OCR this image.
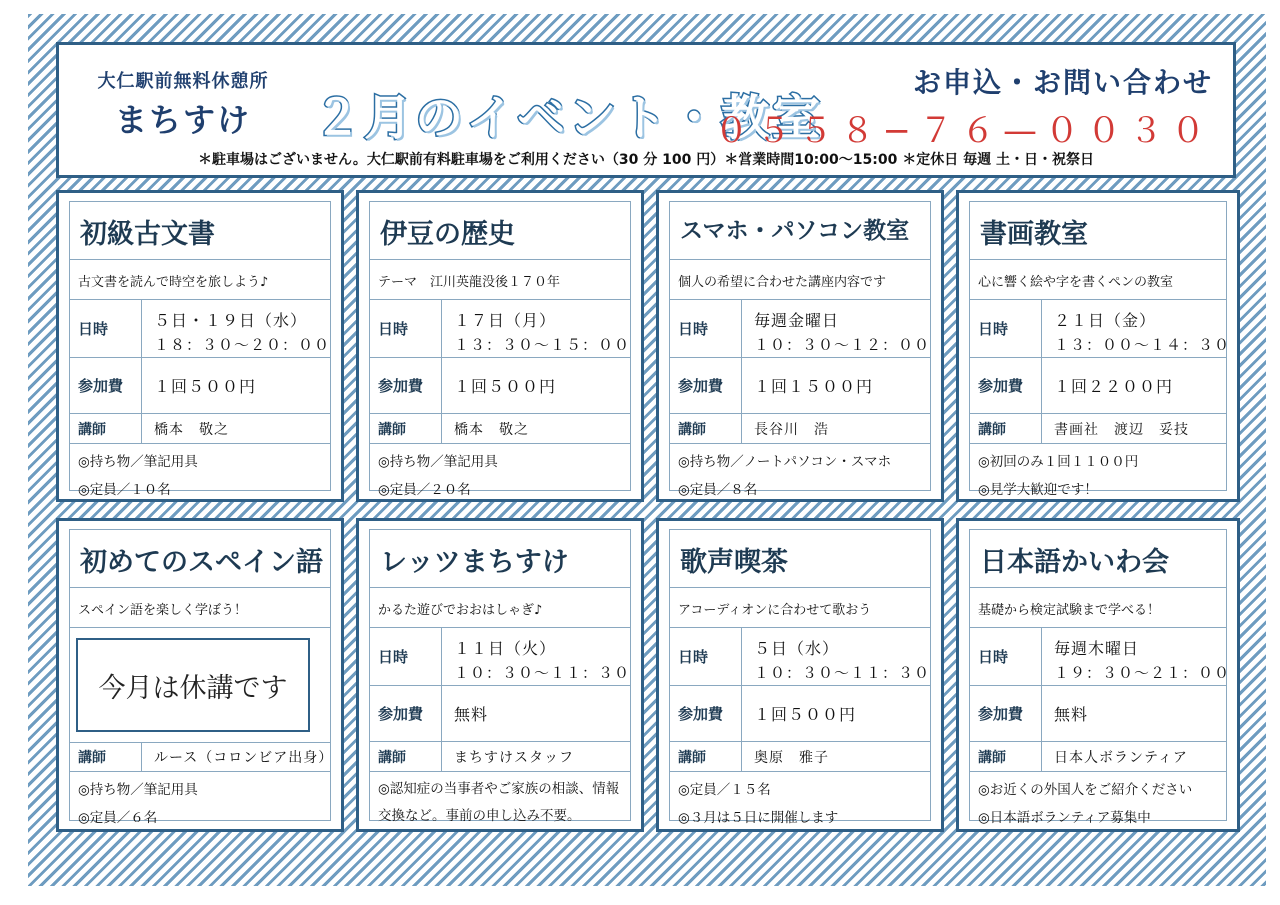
大仁駅前無料休憩所
まちすけ	２月のイベント・教室
お申込・お問い合わせ
０５５８−７６—００３０
＊駐車場はございません。大仁駅前有料駐車場をご利用ください（30 分 100 円）＊営業時間10:00～15:00 ＊定休日 毎週 土・日・祝祭日
初級古文書
古文書を読んで時空を旅しよう♪
日時	５日・１９日（水）
１８：３０～２０：００
参加費	１回５００円
講師	橋本　敬之
◎持ち物／筆記用具
◎定員／１０名
伊豆の歴史
テーマ　江川英龍没後１７０年
日時	１７日（月）
１３：３０～１５：００
参加費	１回５００円
講師	橋本　敬之
◎持ち物／筆記用具
◎定員／２０名
スマホ・パソコン教室
個人の希望に合わせた講座内容です
日時	毎週金曜日
１０：３０～１２：００
参加費	１回１５００円
講師	長谷川　浩
◎持ち物／ノートパソコン・スマホ
◎定員／８名
書画教室
心に響く絵や字を書くペンの教室
日時	２１日（金）
１３：００～１４：３０
参加費	１回２２００円
講師	書画社　渡辺　妥技
◎初回のみ１回１１００円
◎見学大歓迎です！
初めてのスペイン語
スペイン語を楽しく学ぼう！
今月は休講です
講師	ルース（コロンビア出身）
◎持ち物／筆記用具
◎定員／６名
レッツまちすけ
かるた遊びでおおはしゃぎ♪
日時	１１日（火）
１０：３０～１１：３０
参加費	無料
講師	まちすけスタッフ
◎認知症の当事者やご家族の相談、情報交換など。事前の申し込み不要。
歌声喫茶
アコーディオンに合わせて歌おう
日時	５日（水）
１０：３０～１１：３０
参加費	１回５００円
講師	奥原　雅子
◎定員／１５名
◎３月は５日に開催します
日本語かいわ会
基礎から検定試験まで学べる！
日時	毎週木曜日
１９：３０～２１：００
参加費	無料
講師	日本人ボランティア
◎お近くの外国人をご紹介ください
◎日本語ボランティア募集中
